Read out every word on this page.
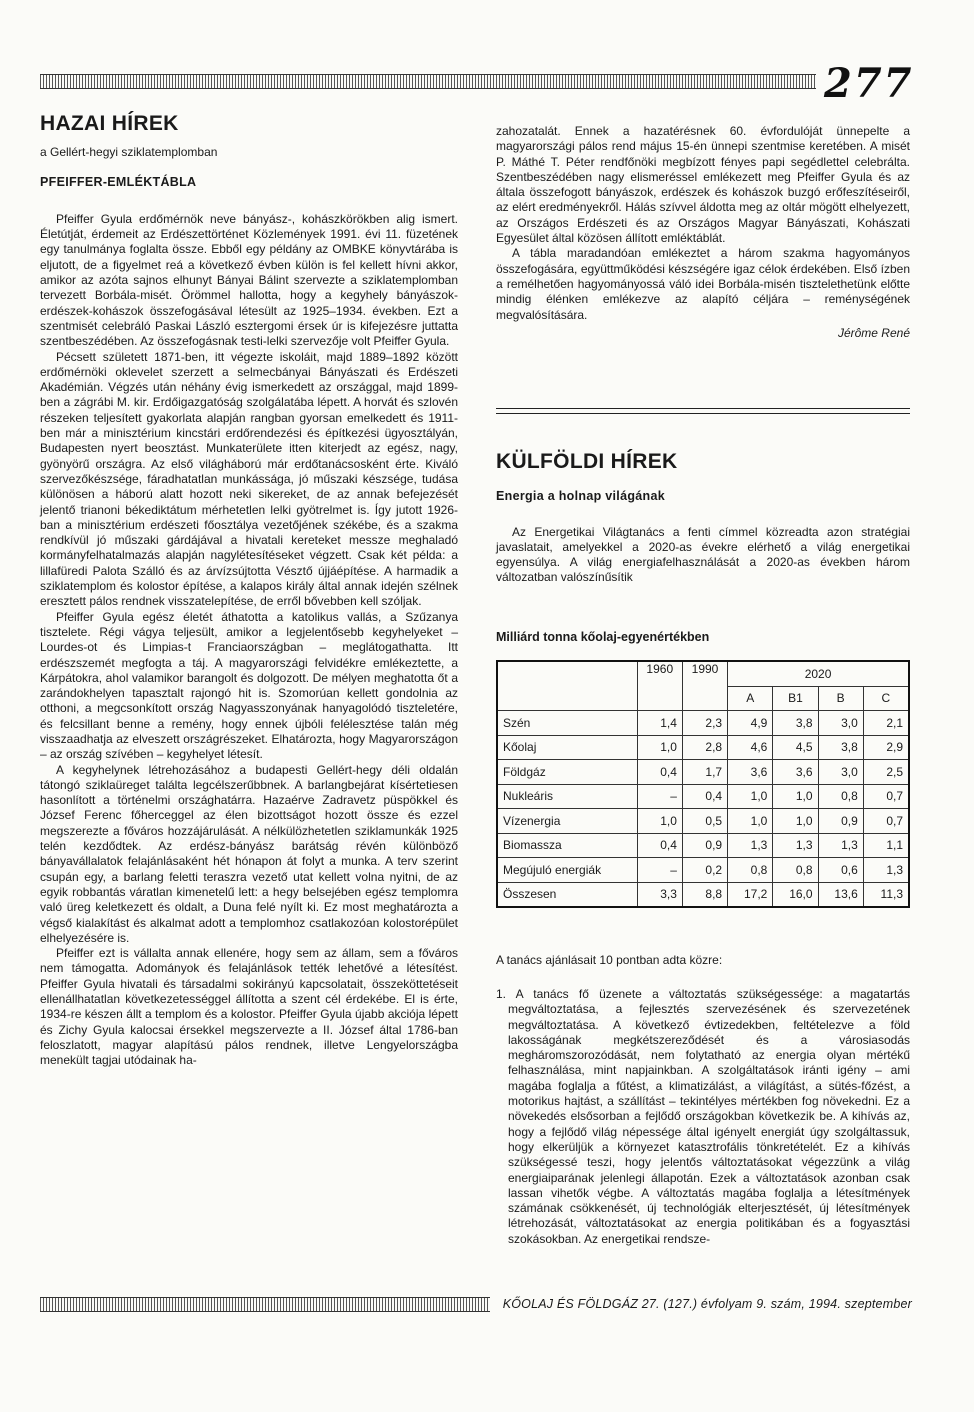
277
HAZAI HÍREK
a Gellért-hegyi sziklatemplomban
PFEIFFER-EMLÉKTÁBLA

Pfeiffer Gyula erdőmérnök neve bányász-, kohászkörökben alig ismert. Életútját, érdemeit az Erdészettörténet Közlemények 1991. évi 11. füzetének egy tanulmánya foglalta össze. Ebből egy példány az OMBKE könyvtárába is eljutott, de a figyelmet reá a következő évben külön is fel kellett hívni akkor, amikor az azóta sajnos elhunyt Bányai Bálint szervezte a sziklatemplomban tervezett Borbála-misét. Örömmel hallotta, hogy a kegyhely bányászok-erdészek-kohászok összefogásával létesült az 1925–1934. években. Ezt a szentmisét celebráló Paskai László esztergomi érsek úr is kifejezésre juttatta szentbeszédében. Az összefogásnak testi-lelki szervezője volt Pfeiffer Gyula.

Pécsett született 1871-ben, itt végezte iskoláit, majd 1889–1892 között erdőmérnöki oklevelet szerzett a selmecbányai Bányászati és Erdészeti Akadémián. Végzés után néhány évig ismerkedett az országgal, majd 1899-ben a zágrábi M. kir. Erdőigazgatóság szolgálatába lépett. A horvát és szlovén részeken teljesített gyakorlata alapján rangban gyorsan emelkedett és 1911-ben már a minisztérium kincstári erdőrendezési és építkezési ügyosztályán, Budapesten nyert beosztást. Munkaterülete itten kiterjedt az egész, nagy, gyönyörű országra. Az első világháború már erdőtanácsosként érte. Kiváló szervezőkészsége, fáradhatatlan munkássága, jó műszaki készsége, tudása különösen a háború alatt hozott neki sikereket, de az annak befejezését jelentő trianoni békediktátum mérhetetlen lelki gyötrelmet is. Így jutott 1926-ban a minisztérium erdészeti főosztálya vezetőjének székébe, és a szakma rendkívül jó műszaki gárdájával a hivatali kereteket messze meghaladó kormányfelhatalmazás alapján nagylétesítéseket végzett. Csak két példa: a lillafüredi Palota Szálló és az árvízsújtotta Vésztő újjáépítése. A harmadik a sziklatemplom és kolostor építése, a kalapos király által annak idején szélnek eresztett pálos rendnek visszatelepítése, de erről bővebben kell szóljak.

Pfeiffer Gyula egész életét áthatotta a katolikus vallás, a Szűzanya tisztelete. Régi vágya teljesült, amikor a legjelentősebb kegyhelyeket – Lourdes-ot és Limpias-t Franciaországban – meglátogathatta. Itt erdészszemét megfogta a táj. A magyarországi felvidékre emlékeztette, a Kárpátokra, ahol valamikor barangolt és dolgozott. De mélyen meghatotta őt a zarándokhelyen tapasztalt rajongó hit is. Szomorúan kellett gondolnia az otthoni, a megcsonkított ország Nagyasszonyának hanyagolódó tiszteletére, és felcsillant benne a remény, hogy ennek újbóli felélesztése talán még visszaadhatja az elveszett országrészeket. Elhatározta, hogy Magyarországon – az ország szívében – kegyhelyet létesít.

A kegyhelynek létrehozásához a budapesti Gellért-hegy déli oldalán tátongó sziklaüreget találta legcélszerűbbnek. A barlangbejárat kísértetiesen hasonlított a történelmi országhatárra. Hazaérve Zadravetz püspökkel és József Ferenc főherceggel az élen bizottságot hozott össze és ezzel megszerezte a főváros hozzájárulását. A nélkülözhetetlen sziklamunkák 1925 telén kezdődtek. Az erdész-bányász barátság révén különböző bányavállalatok felajánlásaként hét hónapon át folyt a munka. A terv szerint csupán egy, a barlang feletti teraszra vezető utat kellett volna nyitni, de az egyik robbantás váratlan kimenetelű lett: a hegy belsejében egész templomra való üreg keletkezett és oldalt, a Duna felé nyílt ki. Ez most meghatározta a végső kialakítást és alkalmat adott a templomhoz csatlakozóan kolostorépület elhelyezésére is.

Pfeiffer ezt is vállalta annak ellenére, hogy sem az állam, sem a főváros nem támogatta. Adományok és felajánlások tették lehetővé a létesítést. Pfeiffer Gyula hivatali és társadalmi sokirányú kapcsolatait, összeköttetéseit ellenállhatatlan következetességgel állította a szent cél érdekébe. El is érte, 1934-re készen állt a templom és a kolostor. Pfeiffer Gyula újabb akciója lépett és Zichy Gyula kalocsai érsekkel megszervezte a II. József által 1786-ban feloszlatott, magyar alapítású pálos rendnek, illetve Lengyelországba menekült tagjai utódainak ha-

zahozatalát. Ennek a hazatérésnek 60. évfordulóját ünnepelte a magyarországi pálos rend május 15-én ünnepi szentmise keretében. A misét P. Máthé T. Péter rendfőnöki megbízott fényes papi segédlettel celebrálta. Szentbeszédében nagy elismeréssel emlékezett meg Pfeiffer Gyula és az általa összefogott bányászok, erdészek és kohászok buzgó erőfeszítéseiről, az elért eredményekről. Hálás szívvel áldotta meg az oltár mögött elhelyezett, az Országos Erdészeti és az Országos Magyar Bányászati, Kohászati Egyesület által közösen állított emléktáblát.

A tábla maradandóan emlékeztet a három szakma hagyományos összefogására, együttműködési készségére igaz célok érdekében. Első ízben a remélhetően hagyományossá váló idei Borbála-misén tisztelethetünk előtte mindig élénken emlékezve az alapító céljára – reménységének megvalósítására.

Jérôme René
KÜLFÖLDI HÍREK
Energia a holnap világának

Az Energetikai Világtanács a fenti címmel közreadta azon stratégiai javaslatait, amelyekkel a 2020-as évekre elérhető a világ energetikai egyensúlya. A világ energiafelhasználását a 2020-as években három változatban valószínűsítik

Milliárd tonna kőolaj-egyenértékben
	1960	1990	2020			
			A	B1	B	C
Szén	1,4	2,3	4,9	3,8	3,0	2,1
Kőolaj	1,0	2,8	4,6	4,5	3,8	2,9
Földgáz	0,4	1,7	3,6	3,6	3,0	2,5
Nukleáris	–	0,4	1,0	1,0	0,8	0,7
Vízenergia	1,0	0,5	1,0	1,0	0,9	0,7
Biomassza	0,4	0,9	1,3	1,3	1,3	1,1
Megújuló energiák	–	0,2	0,8	0,8	0,6	1,3
Összesen	3,3	8,8	17,2	16,0	13,6	11,3
A tanács ajánlásait 10 pontban adta közre:

1. A tanács fő üzenete a változtatás szükségessége: a magatartás megváltoztatása, a fejlesztés szervezésének és szervezetének megváltoztatása. A következő évtizedekben, feltételezve a föld lakosságának megkétszereződését és a városiasodás megháromszorozódását, nem folytatható az energia olyan mértékű felhasználása, mint napjainkban. A szolgáltatások iránti igény – ami magába foglalja a fűtést, a klimatizálást, a világítást, a sütés-főzést, a motorikus hajtást, a szállítást – tekintélyes mértékben fog növekedni. Ez a növekedés elsősorban a fejlődő országokban következik be. A kihívás az, hogy a fejlődő világ népessége által igényelt energiát úgy szolgáltassuk, hogy elkerüljük a környezet katasztrofális tönkretételét. Ez a kihívás szükségessé teszi, hogy jelentős változtatásokat végezzünk a világ energiaiparának jelenlegi állapotán. Ezek a változtatások azonban csak lassan vihetők végbe. A változtatás magába foglalja a létesítmények számának csökkenését, új technológiák elterjesztését, új létesítmények létrehozását, változtatásokat az energia politikában és a fogyasztási szokásokban. Az energetikai rendsze-

KŐOLAJ ÉS FÖLDGÁZ 27. (127.) évfolyam 9. szám, 1994. szeptember
